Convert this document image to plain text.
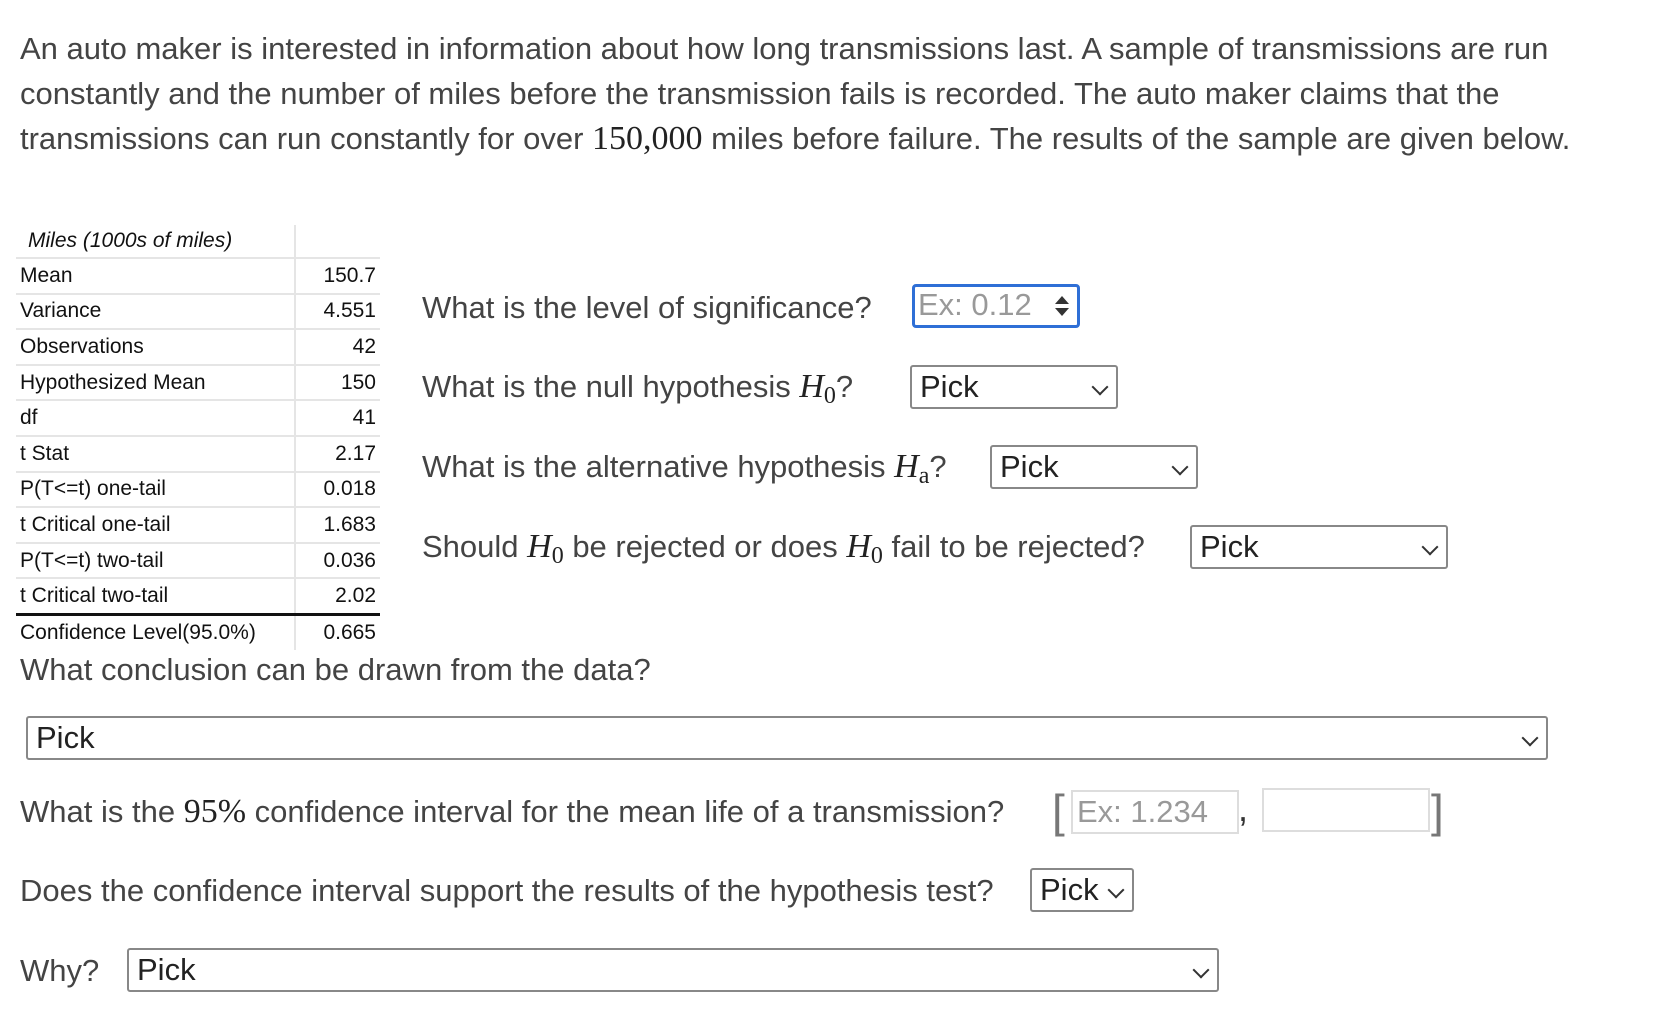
An auto maker is interested in information about how long transmissions last. A sample of transmissions are run constantly and the number of miles before the transmission fails is recorded. The auto maker claims that the transmissions can run constantly for over 150,000 miles before failure. The results of the sample are given below.
Miles (1000s of miles)	
Mean	150.7
Variance	4.551
Observations	42
Hypothesized Mean	150
df	41
t Stat	2.17
P(T<=t) one-tail	0.018
t Critical one-tail	1.683
P(T<=t) two-tail	0.036
t Critical two-tail	2.02
Confidence Level(95.0%)	0.665
What is the level of significance? Ex: 0.12
What is the null hypothesis H0?	Pick
What is the alternative hypothesis Ha?	Pick
Should H0 be rejected or does H0 fail to be rejected?	Pick
What conclusion can be drawn from the data?
Pick
What is the 95% confidence interval for the mean life of a transmission? [ Ex: 1.234 ,	]
Does the confidence interval support the results of the hypothesis test?	Pick
Why?	Pick
